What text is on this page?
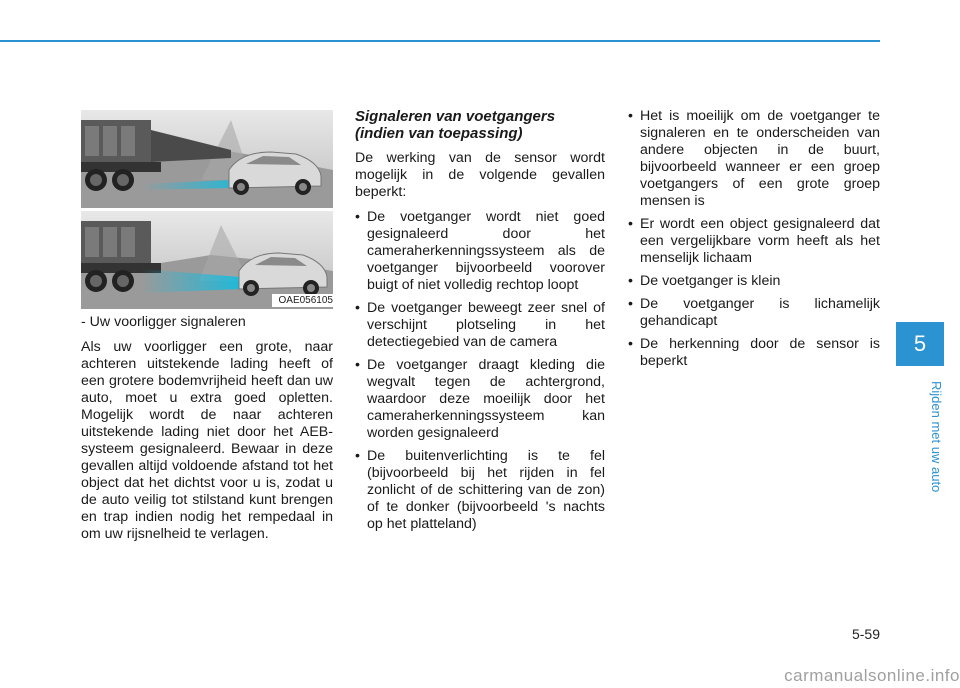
OAE056105

- Uw voorligger signaleren

Als uw voorligger een grote, naar achteren uitstekende lading heeft of een grotere bodemvrijheid heeft dan uw auto, moet u extra goed opletten. Mogelijk wordt de naar achteren uitstekende lading niet door het AEB-systeem gesignaleerd. Bewaar in deze gevallen altijd voldoende afstand tot het object dat het dichtst voor u is, zodat u de auto veilig tot stilstand kunt brengen en trap indien nodig het rempedaal in om uw rijsnelheid te verlagen.

Signaleren van voetgangers (indien van toepassing)

De werking van de sensor wordt mogelijk in de volgende gevallen beperkt:

• De voetganger wordt niet goed gesignaleerd door het cameraherkenningssysteem als de voetganger bijvoorbeeld voorover buigt of niet volledig rechtop loopt
• De voetganger beweegt zeer snel of verschijnt plotseling in het detectiegebied van de camera
• De voetganger draagt kleding die wegvalt tegen de achtergrond, waardoor deze moeilijk door het cameraherkenningssysteem kan worden gesignaleerd
• De buitenverlichting is te fel (bijvoorbeeld bij het rijden in fel zonlicht of de schittering van de zon) of te donker (bijvoorbeeld 's nachts op het platteland)
• Het is moeilijk om de voetganger te signaleren en te onderscheiden van andere objecten in de buurt, bijvoorbeeld wanneer er een groep voetgangers of een grote groep mensen is
• Er wordt een object gesignaleerd dat een vergelijkbare vorm heeft als het menselijk lichaam
• De voetganger is klein
• De voetganger is lichamelijk gehandicapt
• De herkenning door de sensor is beperkt
5
Rijden met uw auto
5-59
carmanualsonline.info
